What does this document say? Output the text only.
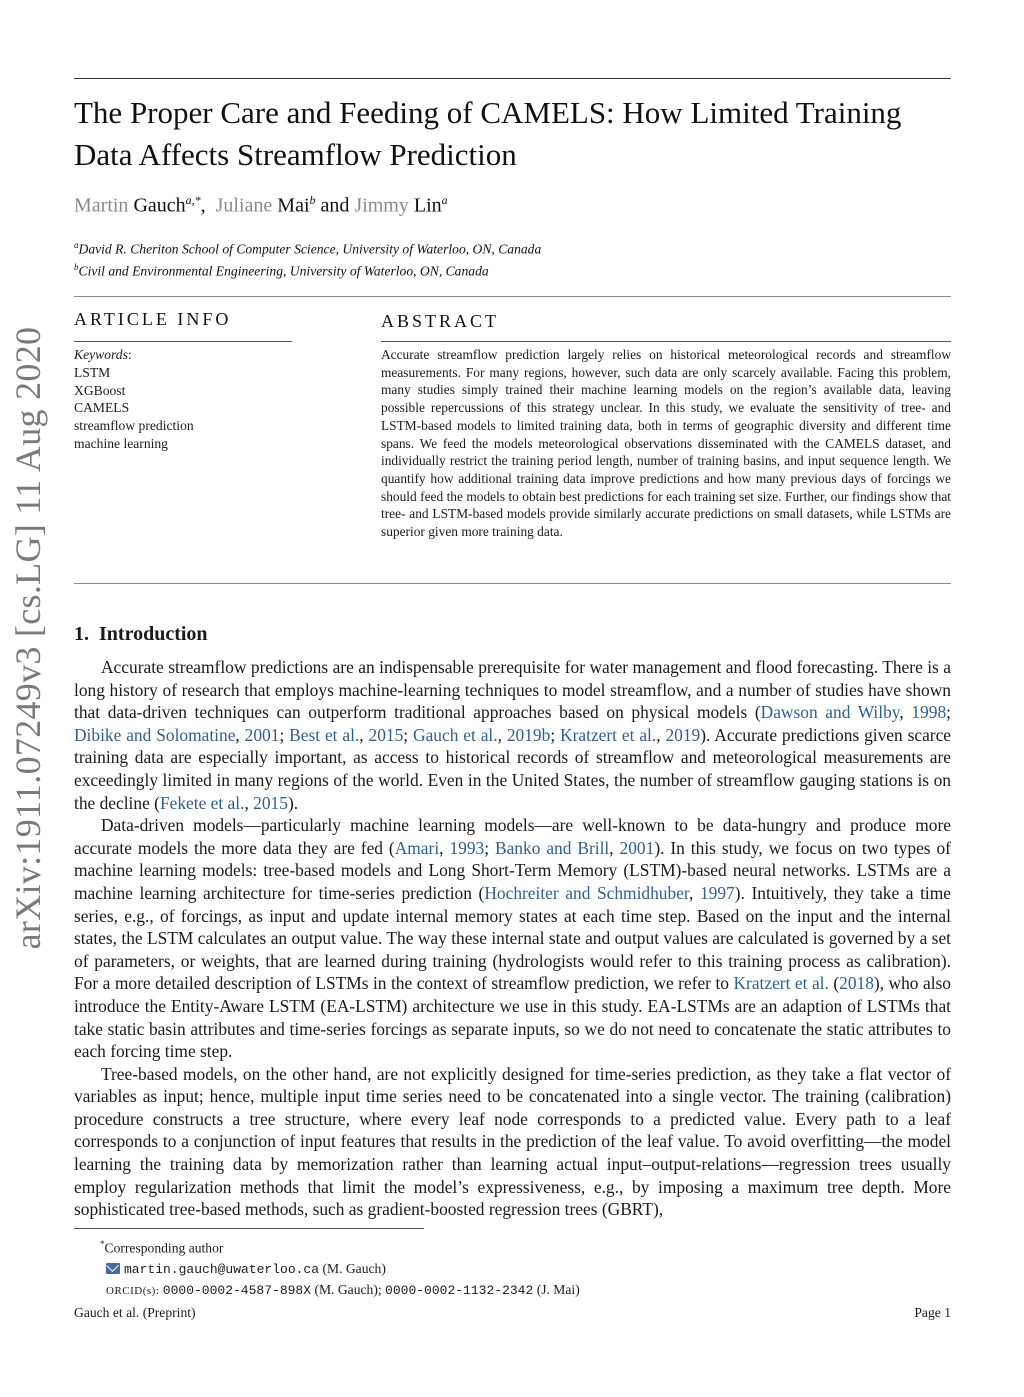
arXiv:1911.07249v3 [cs.LG] 11 Aug 2020
The Proper Care and Feeding of CAMELS: How Limited Training Data Affects Streamflow Prediction
Martin Gauch$^{a,*}$,  Juliane Mai$^b$ and Jimmy Lin$^a$
$^a$David R. Cheriton School of Computer Science, University of Waterloo, ON, Canada
$^b$Civil and Environmental Engineering, University of Waterloo, ON, Canada
ARTICLE INFO	ABSTRACT
Keywords:
LSTM
XGBoost
CAMELS
streamflow prediction
machine learning
Accurate streamflow prediction largely relies on historical meteorological records and streamflow measurements. For many regions, however, such data are only scarcely available. Facing this problem, many studies simply trained their machine learning models on the region’s available data, leaving possible repercussions of this strategy unclear. In this study, we evaluate the sensitivity of tree- and LSTM-based models to limited training data, both in terms of geographic diversity and different time spans. We feed the models meteorological observations disseminated with the CAMELS dataset, and individually restrict the training period length, number of training basins, and input sequence length. We quantify how additional training data improve predictions and how many previous days of forcings we should feed the models to obtain best predictions for each training set size. Further, our findings show that tree- and LSTM-based models provide similarly accurate predictions on small datasets, while LSTMs are superior given more training data.
1. Introduction

Accurate streamflow predictions are an indispensable prerequisite for water management and flood forecasting. There is a long history of research that employs machine-learning techniques to model streamflow, and a number of studies have shown that data-driven techniques can outperform traditional approaches based on physical models (Dawson and Wilby, 1998; Dibike and Solomatine, 2001; Best et al., 2015; Gauch et al., 2019b; Kratzert et al., 2019). Accurate predictions given scarce training data are especially important, as access to historical records of streamflow and meteorological measurements are exceedingly limited in many regions of the world. Even in the United States, the number of streamflow gauging stations is on the decline (Fekete et al., 2015).

Data-driven models—particularly machine learning models—are well-known to be data-hungry and produce more accurate models the more data they are fed (Amari, 1993; Banko and Brill, 2001). In this study, we focus on two types of machine learning models: tree-based models and Long Short-Term Memory (LSTM)-based neural networks. LSTMs are a machine learning architecture for time-series prediction (Hochreiter and Schmidhuber, 1997). Intuitively, they take a time series, e.g., of forcings, as input and update internal memory states at each time step. Based on the input and the internal states, the LSTM calculates an output value. The way these internal state and output values are calculated is governed by a set of parameters, or weights, that are learned during training (hydrologists would refer to this training process as calibration). For a more detailed description of LSTMs in the context of streamflow prediction, we refer to Kratzert et al. (2018), who also introduce the Entity-Aware LSTM (EA-LSTM) architecture we use in this study. EA-LSTMs are an adaption of LSTMs that take static basin attributes and time-series forcings as separate inputs, so we do not need to concatenate the static attributes to each forcing time step.

Tree-based models, on the other hand, are not explicitly designed for time-series prediction, as they take a flat vector of variables as input; hence, multiple input time series need to be concatenated into a single vector. The training (calibration) procedure constructs a tree structure, where every leaf node corresponds to a predicted value. Every path to a leaf corresponds to a conjunction of input features that results in the prediction of the leaf value. To avoid overfitting—the model learning the training data by memorization rather than learning actual input–output-relations—regression trees usually employ regularization methods that limit the model’s expressiveness, e.g., by imposing a maximum tree depth. More sophisticated tree-based methods, such as gradient-boosted regression trees (GBRT),

*Corresponding author
martin.gauch@uwaterloo.ca (M. Gauch)
ORCID(s): 0000-0002-4587-898X (M. Gauch); 0000-0002-1132-2342 (J. Mai)
Gauch et al. (Preprint)	Page 1
